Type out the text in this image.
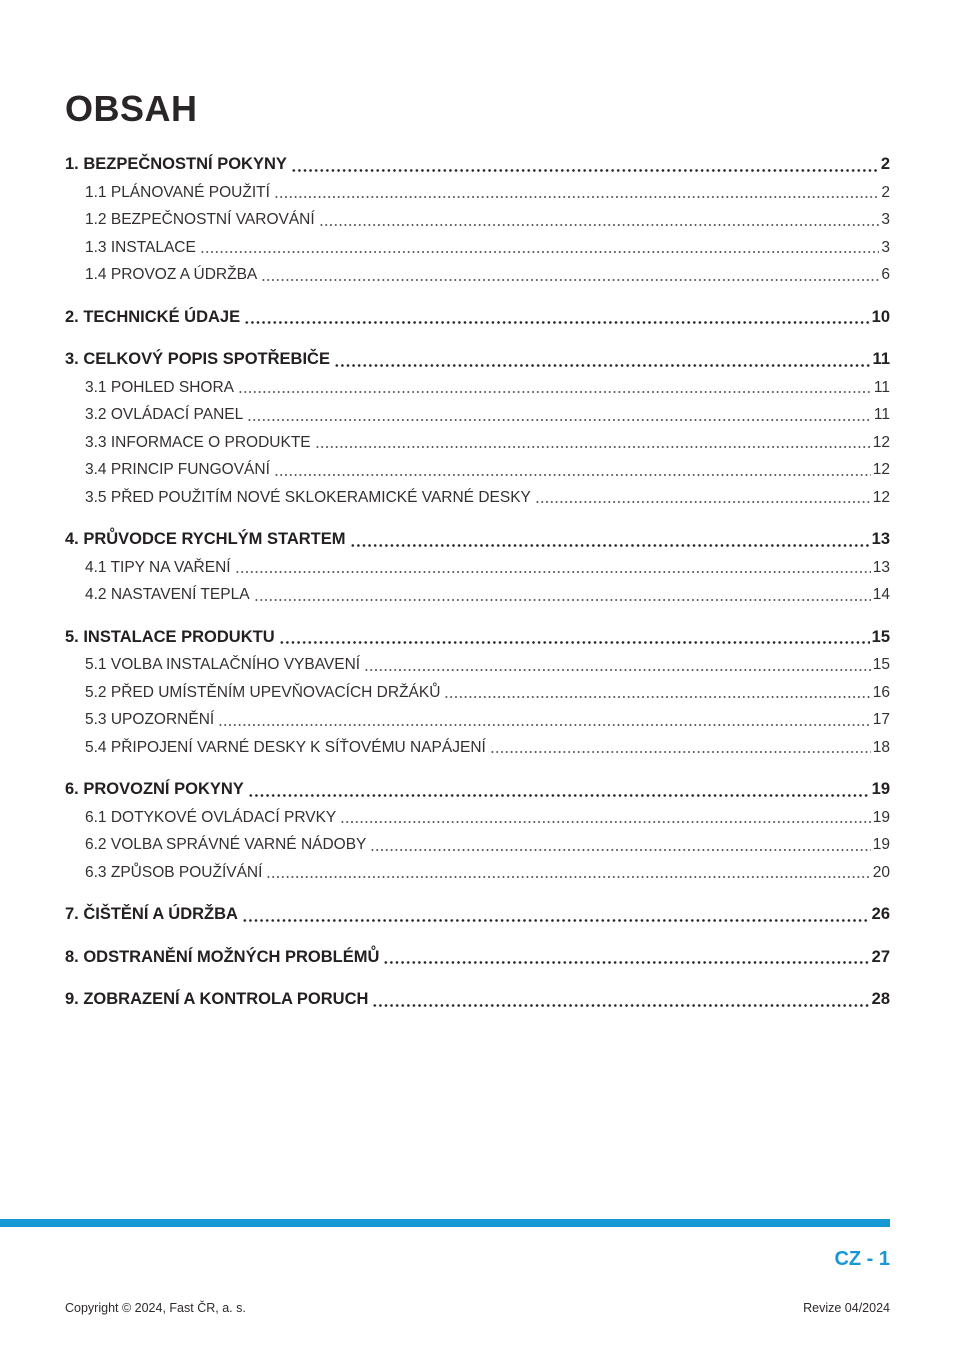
OBSAH
1. BEZPEČNOSTNÍ POKYNY	2
1.1 PLÁNOVANÉ POUŽITÍ	2
1.2 BEZPEČNOSTNÍ VAROVÁNÍ	3
1.3 INSTALACE	3
1.4 PROVOZ A ÚDRŽBA	6
2. TECHNICKÉ ÚDAJE	10
3. CELKOVÝ POPIS SPOTŘEBIČE	11
3.1 POHLED SHORA	11
3.2 OVLÁDACÍ PANEL	11
3.3 INFORMACE O PRODUKTE	12
3.4 PRINCIP FUNGOVÁNÍ	12
3.5 PŘED POUŽITÍM NOVÉ SKLOKERAMICKÉ VARNÉ DESKY	12
4. PRŮVODCE RYCHLÝM STARTEM	13
4.1 TIPY NA VAŘENÍ	13
4.2 NASTAVENÍ TEPLA	14
5. INSTALACE PRODUKTU	15
5.1 VOLBA INSTALAČNÍHO VYBAVENÍ	15
5.2 PŘED UMÍSTĚNÍM UPEVŇOVACÍCH DRŽÁKŮ	16
5.3 UPOZORNĚNÍ	17
5.4 PŘIPOJENÍ VARNÉ DESKY K SÍŤOVÉMU NAPÁJENÍ	18
6. PROVOZNÍ POKYNY	19
6.1 DOTYKOVÉ OVLÁDACÍ PRVKY	19
6.2 VOLBA SPRÁVNÉ VARNÉ NÁDOBY	19
6.3 ZPŮSOB POUŽÍVÁNÍ	20
7. ČIŠTĚNÍ A ÚDRŽBA	26
8. ODSTRANĚNÍ MOŽNÝCH PROBLÉMŮ	27
9. ZOBRAZENÍ A KONTROLA PORUCH	28
CZ - 1
Copyright © 2024, Fast ČR, a. s.	Revize 04/2024
